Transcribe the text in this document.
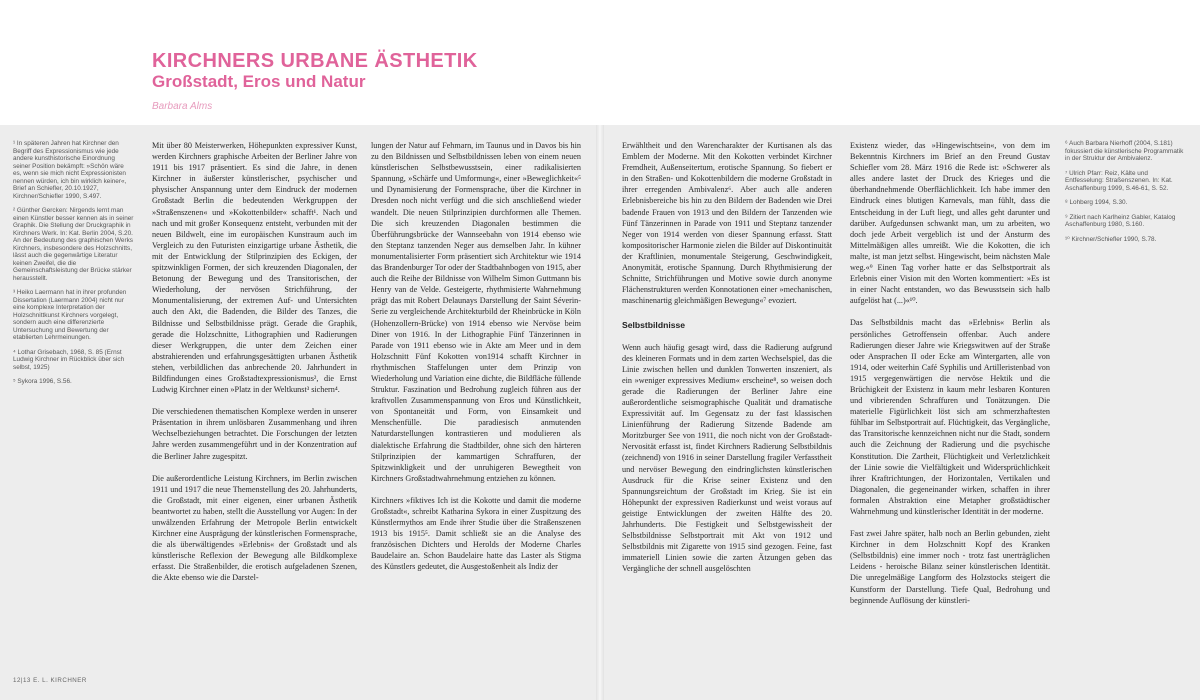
KIRCHNERS URBANE ÄSTHETIK
Großstadt, Eros und Natur
Barbara Alms

¹ In späteren Jahren hat Kirchner den Begriff des Expressionismus wie jede andere kunsthistorische Einordnung seiner Position bekämpft: »Schön wäre es, wenn sie mich nicht Expressionisten nennen würden, ich bin wirklich keiner«, Brief an Schiefler, 20.10.1927, Kirchner/Schiefler 1990, S.497.

² Günther Gercken: Nirgends lernt man einen Künstler besser kennen als in seiner Graphik. Die Stellung der Druckgraphik in Kirchners Werk. In: Kat. Berlin 2004, S.20. An der Bedeutung des graphischen Werks Kirchners, insbesondere des Holzschnitts, lässt auch die gegenwärtige Literatur keinen Zweifel, die die Gemeinschaftsleistung der Brücke stärker herausstellt.

³ Heiko Laermann hat in ihrer profunden Dissertation (Laermann 2004) nicht nur eine komplexe Interpretation der Holzschnittkunst Kirchners vorgelegt, sondern auch eine differenzierte Untersuchung und Bewertung der etablierten Lehrmeinungen.

⁴ Lothar Grisebach, 1968, S. 85 (Ernst Ludwig Kirchner im Rückblick über sich selbst, 1925)

⁵ Sykora 1996, S.56.

Mit über 80 Meisterwerken, Höhepunkten expressiver Kunst, werden Kirchners graphische Arbeiten der Berliner Jahre von 1911 bis 1917 präsentiert. Es sind die Jahre, in denen Kirchner in äußerster künstlerischer, psychischer und physischer Anspannung unter dem Eindruck der modernen Großstadt Berlin die bedeutenden Werkgruppen der »Straßenszenen« und »Kokottenbilder« schafft¹. Nach und nach und mit großer Konsequenz entsteht, verbunden mit der neuen Bildwelt, eine im europäischen Kunstraum auch im Vergleich zu den Futuristen einzigartige urbane Ästhetik, die mit der Entwicklung der Stilprinzipien des Eckigen, der spitzwinkligen Formen, der sich kreuzenden Diagonalen, der Betonung der Bewegung und des Transitorischen, der Wiederholung, der nervösen Strichführung, der Monumentalisierung, der extremen Auf- und Untersichten auch den Akt, die Badenden, die Bilder des Tanzes, die Bildnisse und Selbstbildnisse prägt. Gerade die Graphik, gerade die Holzschnitte, Lithographien und Radierungen dieser Werkgruppen, die unter dem Zeichen einer abstrahierenden und erfahrungsgesättigten urbanen Ästhetik stehen, verbildlichen das anbrechende 20. Jahrhundert in Bildfindungen eines Großstadtexpressionismus², die Ernst Ludwig Kirchner einen »Platz in der Weltkunst³ sichern⁴.

Die verschiedenen thematischen Komplexe werden in unserer Präsentation in ihrem unlösbaren Zusammenhang und ihren Wechselbeziehungen betrachtet. Die Forschungen der letzten Jahre werden zusammengeführt und in der Konzentration auf die Berliner Jahre zugespitzt.

Die außerordentliche Leistung Kirchners, im Berlin zwischen 1911 und 1917 die neue Themenstellung des 20. Jahrhunderts, die Großstadt, mit einer eigenen, einer urbanen Ästhetik beantwortet zu haben, stellt die Ausstellung vor Augen: In der unwälzenden Erfahrung der Metropole Berlin entwickelt Kirchner eine Ausprägung der künstlerischen Formensprache, die als überwältigendes »Erlebnis« der Großstadt und als künstlerische Reflexion der Bewegung alle Bildkomplexe erfasst. Die Straßenbilder, die erotisch aufgeladenen Szenen, die Akte ebenso wie die Darstel-

lungen der Natur auf Fehmarn, im Taunus und in Davos bis hin zu den Bildnissen und Selbstbildnissen leben von einem neuen künstlerischen Selbstbewusstsein, einer radikalisierten Spannung, »Schärfe und Umformung«, einer »Beweglichkeit«⁵ und Dynamisierung der Formensprache, über die Kirchner in Dresden noch nicht verfügt und die sich anschließend wieder wandelt. Die neuen Stilprinzipien durchformen alle Themen. Die sich kreuzenden Diagonalen bestimmen die Überführungsbrücke der Wannseebahn von 1914 ebenso wie den Steptanz tanzenden Neger aus demselben Jahr. In kühner monumentalisierter Form präsentiert sich Architektur wie 1914 das Brandenburger Tor oder der Stadtbahnbogen von 1915, aber auch die Reihe der Bildnisse von Wilhelm Simon Guttmann bis Henry van de Velde. Gesteigerte, rhythmisierte Wahrnehmung prägt das mit Robert Delaunays Darstellung der Saint Séverin-Serie zu vergleichende Architekturbild der Rheinbrücke in Köln (Hohenzollern-Brücke) von 1914 ebenso wie Nervöse beim Diner von 1916. In der Lithographie Fünf Tänzerinnen in Parade von 1911 ebenso wie in Akte am Meer und in dem Holzschnitt Fünf Kokotten von1914 schafft Kirchner in rhythmischen Staffelungen unter dem Prinzip von Wiederholung und Variation eine dichte, die Bildfläche füllende Struktur. Faszination und Bedrohung zugleich führen aus der kraftvollen Zusammenspannung von Eros und Künstlichkeit, von Spontaneität und Form, von Einsamkeit und Menschenfülle. Die paradiesisch anmutenden Naturdarstellungen kontrastieren und modulieren als dialektische Erfahrung die Stadtbilder, ohne sich den härteren Stilprinzipien der kammartigen Schraffuren, der Spitzwinkligkeit und der unruhigeren Bewegtheit von Kirchners Großstadtwahrnehmung entziehen zu können.

Kirchners »fiktives Ich ist die Kokotte und damit die moderne Großstadt«, schreibt Katharina Sykora in einer Zuspitzung des Künstlermythos am Ende ihrer Studie über die Straßenszenen 1913 bis 1915⁵. Damit schließt sie an die Analyse des französischen Dichters und Herolds der Moderne Charles Baudelaire an. Schon Baudelaire hatte das Laster als Stigma des Künstlers gedeutet, die Ausgestoßenheit als Indiz der

Erwähltheit und den Warencharakter der Kurtisanen als das Emblem der Moderne. Mit den Kokotten verbindet Kirchner Fremdheit, Außenseitertum, erotische Spannung. So fiebert er in den Straßen- und Kokottenbildern die moderne Großstadt in ihrer erregenden Ambivalenz⁶. Aber auch alle anderen Erlebnisbereiche bis hin zu den Bildern der Badenden wie Drei badende Frauen von 1913 und den Bildern der Tanzenden wie Fünf Tänzerinnen in Parade von 1911 und Steptanz tanzender Neger von 1914 werden von dieser Spannung erfasst. Statt kompositorischer Harmonie zielen die Bilder auf Diskontinuität der Kraftlinien, monumentale Steigerung, Geschwindigkeit, Anonymität, erotische Spannung. Durch Rhythmisierung der Schnitte, Strichführungen und Motive sowie durch anonyme Flächenstrukturen werden Konnotationen einer »mechanischen, maschinenartig gleichmäßigen Bewegung«⁷ evoziert.

Selbstbildnisse

Wenn auch häufig gesagt wird, dass die Radierung aufgrund des kleineren Formats und in dem zarten Wechselspiel, das die Linie zwischen hellen und dunklen Tonwerten inszeniert, als ein »weniger expressives Medium« erscheine⁸, so weisen doch gerade die Radierungen der Berliner Jahre eine außerordentliche seismographische Qualität und dramatische Expressivität auf. Im Gegensatz zu der fast klassischen Linienführung der Radierung Sitzende Badende am Moritzburger See von 1911, die noch nicht von der Großstadt-Nervosität erfasst ist, findet Kirchners Radierung Selbstbildnis (zeichnend) von 1916 in seiner Darstellung fragiler Verfasstheit und nervöser Bewegung den eindringlichsten künstlerischen Ausdruck für die Krise seiner Existenz und den Spannungsreichtum der Großstadt im Krieg. Sie ist ein Höhepunkt der expressiven Radierkunst und weist voraus auf geistige Entwicklungen der zweiten Hälfte des 20. Jahrhunderts. Die Festigkeit und Selbstgewissheit der Selbstbildnisse Selbstportrait mit Akt von 1912 und Selbstbildnis mit Zigarette von 1915 sind gezogen. Feine, fast immateriell Linien sowie die zarten Ätzungen geben das Vergängliche der schnell ausgelöschten

Existenz wieder, das »Hingewischtsein«, von dem im Bekenntnis Kirchners im Brief an den Freund Gustav Schiefler vom 28. März 1916 die Rede ist: »Schwerer als alles andere lastet der Druck des Krieges und die überhandnehmende Oberflächlichkeit. Ich habe immer den Eindruck eines blutigen Karnevals, man fühlt, dass die Entscheidung in der Luft liegt, und alles geht darunter und darüber. Aufgedunsen schwankt man, um zu arbeiten, wo doch jede Arbeit vergeblich ist und der Ansturm des Mittelmäßigen alles umreißt. Wie die Kokotten, die ich malte, ist man jetzt selbst. Hingewischt, beim nächsten Male weg.«⁹ Einen Tag vorher hatte er das Selbstportrait als Erlebnis einer Vision mit den Worten kommentiert: »Es ist in einer Nacht entstanden, wo das Bewusstsein sich halb aufgelöst hat (...)«¹⁰.

Das Selbstbildnis macht das »Erlebnis« Berlin als persönliches Getroffensein offenbar. Auch andere Radierungen dieser Jahre wie Kriegswitwen auf der Straße oder Ansprachen II oder Ecke am Wintergarten, alle von 1914, oder weiterhin Café Syphilis und Artilleristenbad von 1915 vergegenwärtigen die nervöse Hektik und die Brüchigkeit der Existenz in kaum mehr lesbaren Konturen und vibrierenden Schraffuren und Tonätzungen. Die materielle Figürlichkeit löst sich am schmerzhaftesten fühlbar im Selbstportrait auf. Flüchtigkeit, das Vergängliche, das Transitorische kennzeichnen nicht nur die Stadt, sondern auch die Zeichnung der Radierung und die psychische Konstitution. Die Zartheit, Flüchtigkeit und Verletzlichkeit der Linie sowie die Vielfältigkeit und Widersprüchlichkeit ihrer Kraftrichtungen, der Horizontalen, Vertikalen und Diagonalen, die gegeneinander wirken, schaffen in ihrer formalen Abstraktion eine Metapher großstädtischer Wahrnehmung und künstlerischer Identität in der moderne.

Fast zwei Jahre später, halb noch an Berlin gebunden, zieht Kirchner in dem Holzschnitt Kopf des Kranken (Selbstbildnis) eine immer noch - trotz fast unerträglichen Leidens - heroische Bilanz seiner künstlerischen Identität. Die unregelmäßige Langform des Holzstocks steigert die Kunstform der Darstellung. Tiefe Qual, Bedrohung und beginnende Auflösung der künstleri-

⁶ Auch Barbara Nierhoff (2004, S.181) fokussiert die künstlerische Programmatik in der Struktur der Ambivalenz.

⁷ Ulrich Pfarr: Reiz, Kälte und Entfesselung: Straßenszenen. In: Kat. Aschaffenburg 1999, S.46-61, S. 52.

⁸ Lohberg 1994, S.30.

⁹ Zitiert nach Karlheinz Gabler, Katalog Aschaffenburg 1980, S.160.

¹⁰ Kirchner/Schiefler 1990, S.78.

12|13 E. L. KIRCHNER
